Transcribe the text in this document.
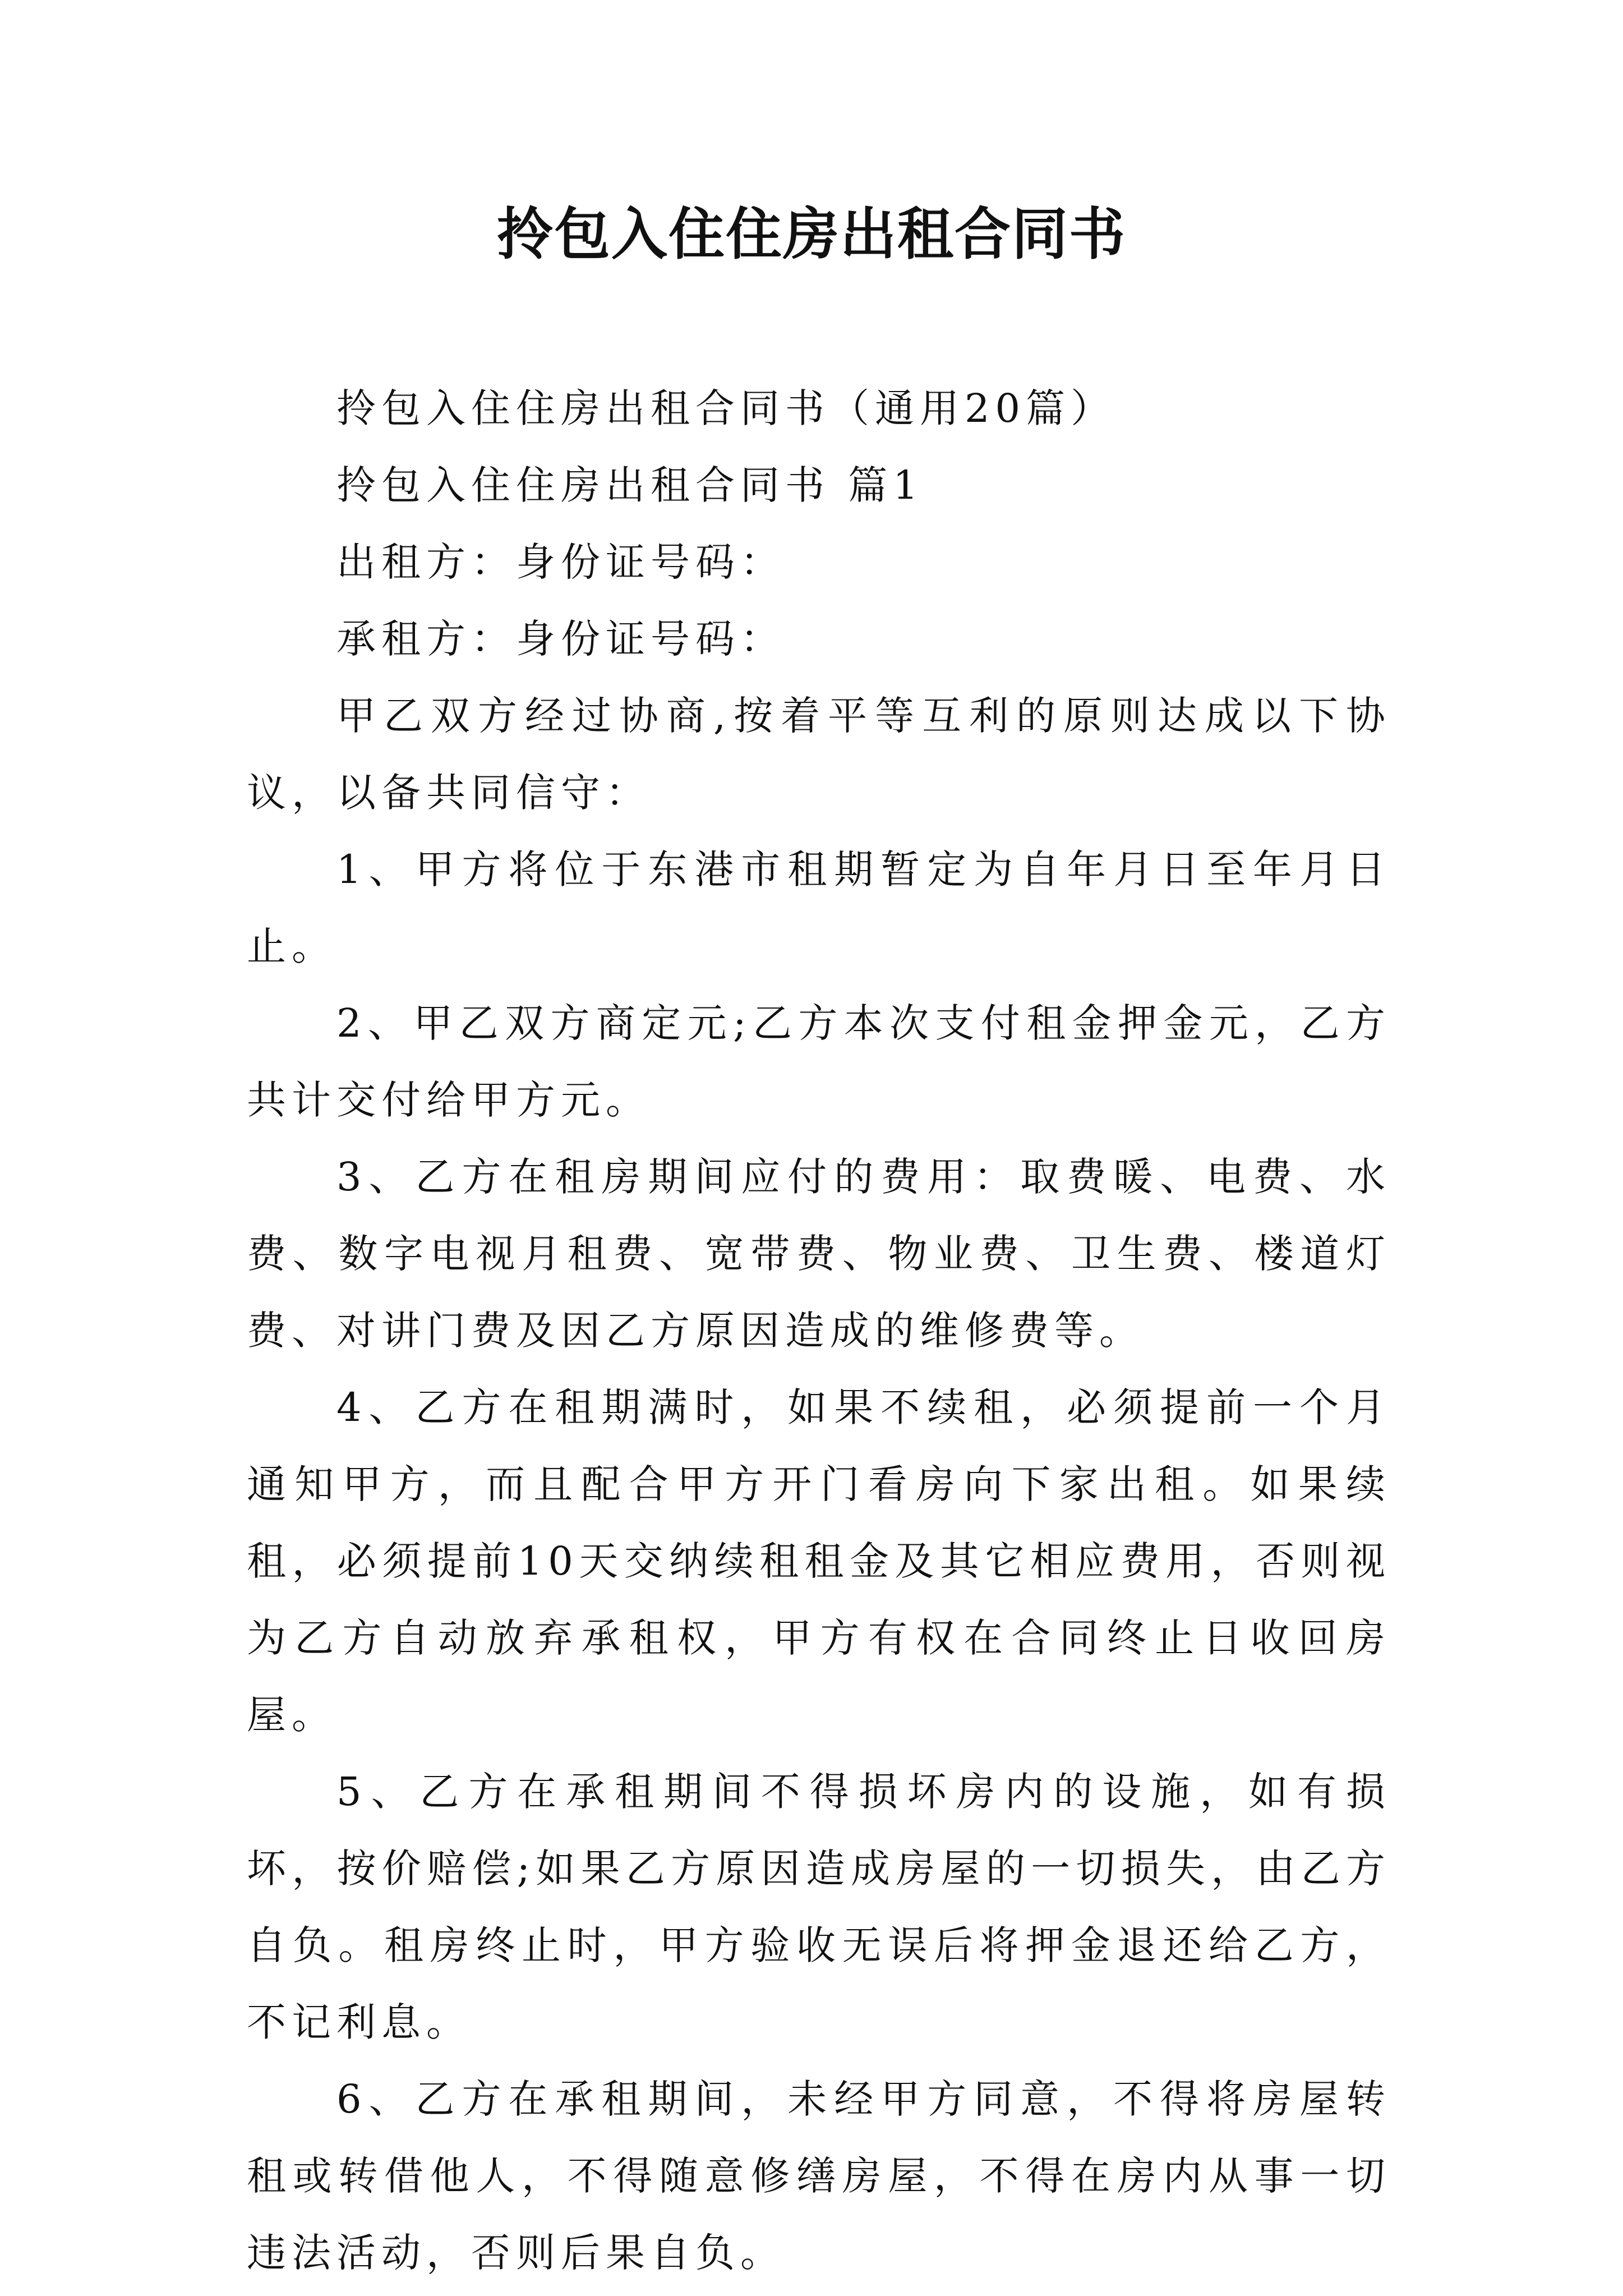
拎包入住住房出租合同书

拎包入住住房出租合同书（通用20篇）

拎包入住住房出租合同书 篇1

出租方：身份证号码：

承租方：身份证号码：

甲乙双方经过协商,按着平等互利的原则达成以下协议，以备共同信守：

1、甲方将位于东港市租期暂定为自年月日至年月日止。

2、甲乙双方商定元;乙方本次支付租金押金元，乙方共计交付给甲方元。

3、乙方在租房期间应付的费用：取费暖、电费、水费、数字电视月租费、宽带费、物业费、卫生费、楼道灯费、对讲门费及因乙方原因造成的维修费等。

4、乙方在租期满时，如果不续租，必须提前一个月通知甲方，而且配合甲方开门看房向下家出租。如果续租，必须提前10天交纳续租租金及其它相应费用，否则视为乙方自动放弃承租权，甲方有权在合同终止日收回房屋。

5、乙方在承租期间不得损坏房内的设施，如有损坏，按价赔偿;如果乙方原因造成房屋的一切损失，由乙方自负。租房终止时，甲方验收无误后将押金退还给乙方，不记利息。

6、乙方在承租期间，未经甲方同意，不得将房屋转租或转借他人，不得随意修缮房屋，不得在房内从事一切违法活动，否则后果自负。
